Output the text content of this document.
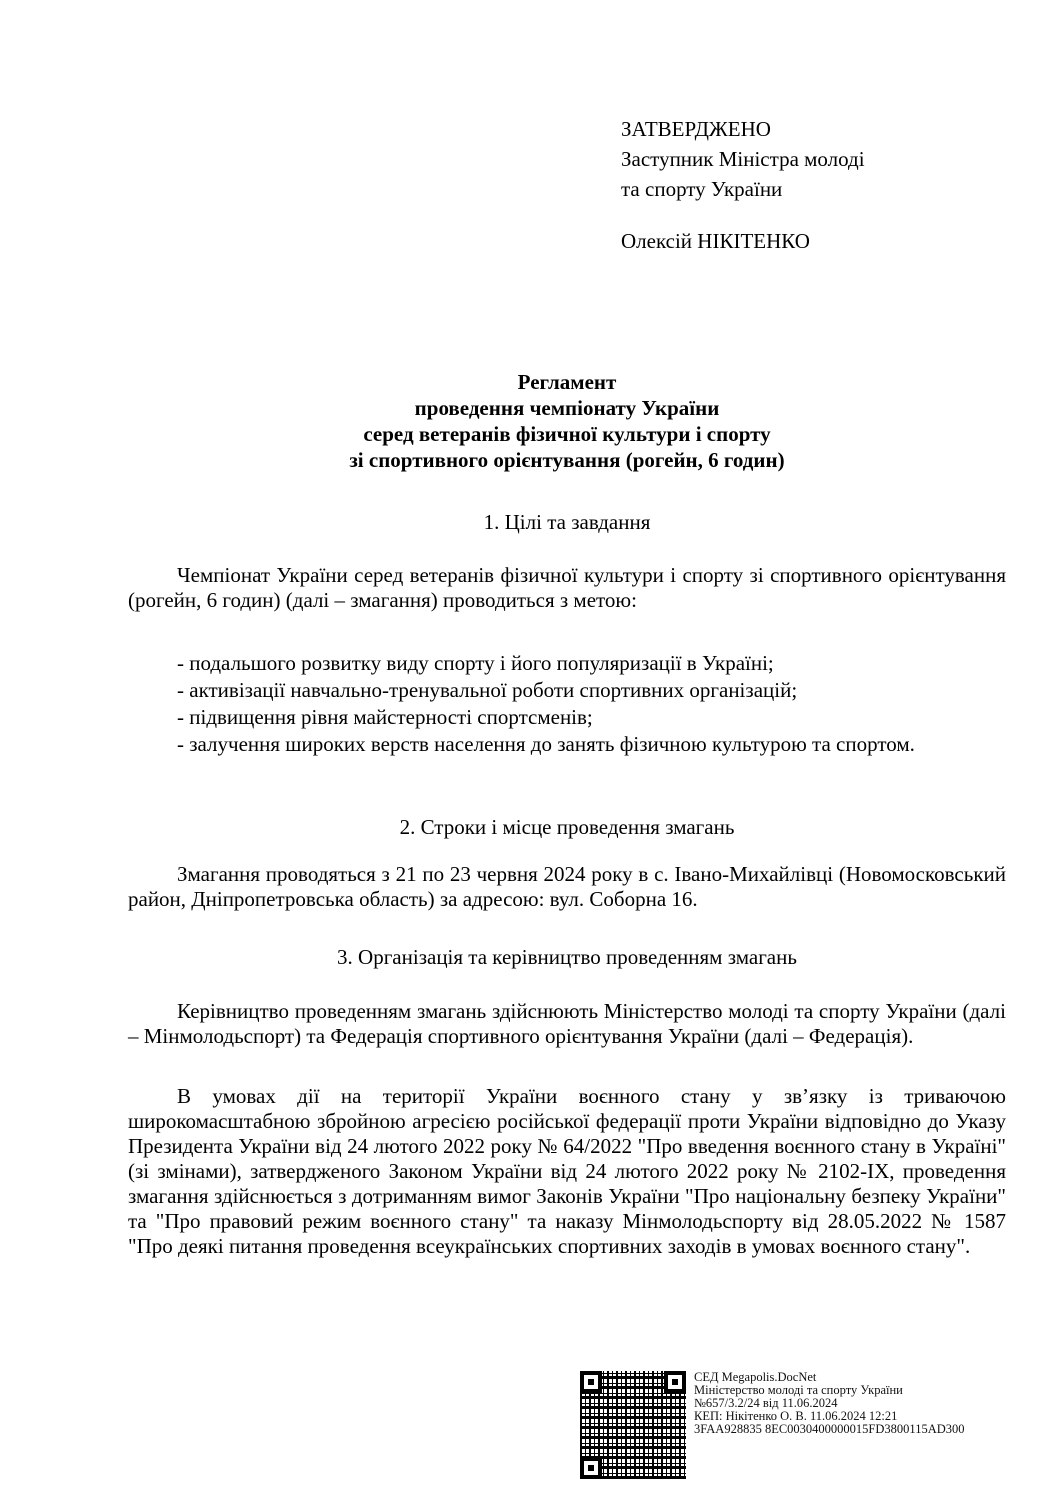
ЗАТВЕРДЖЕНО
Заступник Міністра молоді
та спорту України
Олексій НІКІТЕНКО
Регламент
проведення чемпіонату України
серед ветеранів фізичної культури і спорту
зі спортивного орієнтування (рогейн, 6 годин)
1. Цілі та завдання
Чемпіонат України серед ветеранів фізичної культури і спорту зі спортивного орієнтування (рогейн, 6 годин) (далі – змагання) проводиться з метою:
- подальшого розвитку виду спорту і його популяризації в Україні;
- активізації навчально-тренувальної роботи спортивних організацій;
- підвищення рівня майстерності спортсменів;
- залучення широких верств населення до занять фізичною культурою та спортом.
2. Строки і місце проведення змагань
Змагання проводяться з 21 по 23 червня 2024 року в с. Івано-Михайлівці (Новомосковський район, Дніпропетровська область) за адресою: вул. Соборна 16.
3. Організація та керівництво проведенням змагань
Керівництво проведенням змагань здійснюють Міністерство молоді та спорту України (далі – Мінмолодьспорт) та Федерація спортивного орієнтування України (далі – Федерація).
В умовах дії на території України воєнного стану у зв’язку із триваючою широкомасштабною збройною агресією російської федерації проти України відповідно до Указу Президента України від 24 лютого 2022 року № 64/2022 "Про введення воєнного стану в Україні" (зі змінами), затвердженого Законом України від 24 лютого 2022 року № 2102-IX, проведення змагання здійснюється з дотриманням вимог Законів України "Про національну безпеку України" та "Про правовий режим воєнного стану" та наказу Мінмолодьспорту від 28.05.2022 № 1587 "Про деякі питання проведення всеукраїнських спортивних заходів в умовах воєнного стану".
СЕД Megapolis.DocNet
Міністерство молоді та спорту України
№657/3.2/24 від 11.06.2024
КЕП: Нікітенко О. В. 11.06.2024 12:21
3FAA928835 8EC0030400000015FD3800115AD300
